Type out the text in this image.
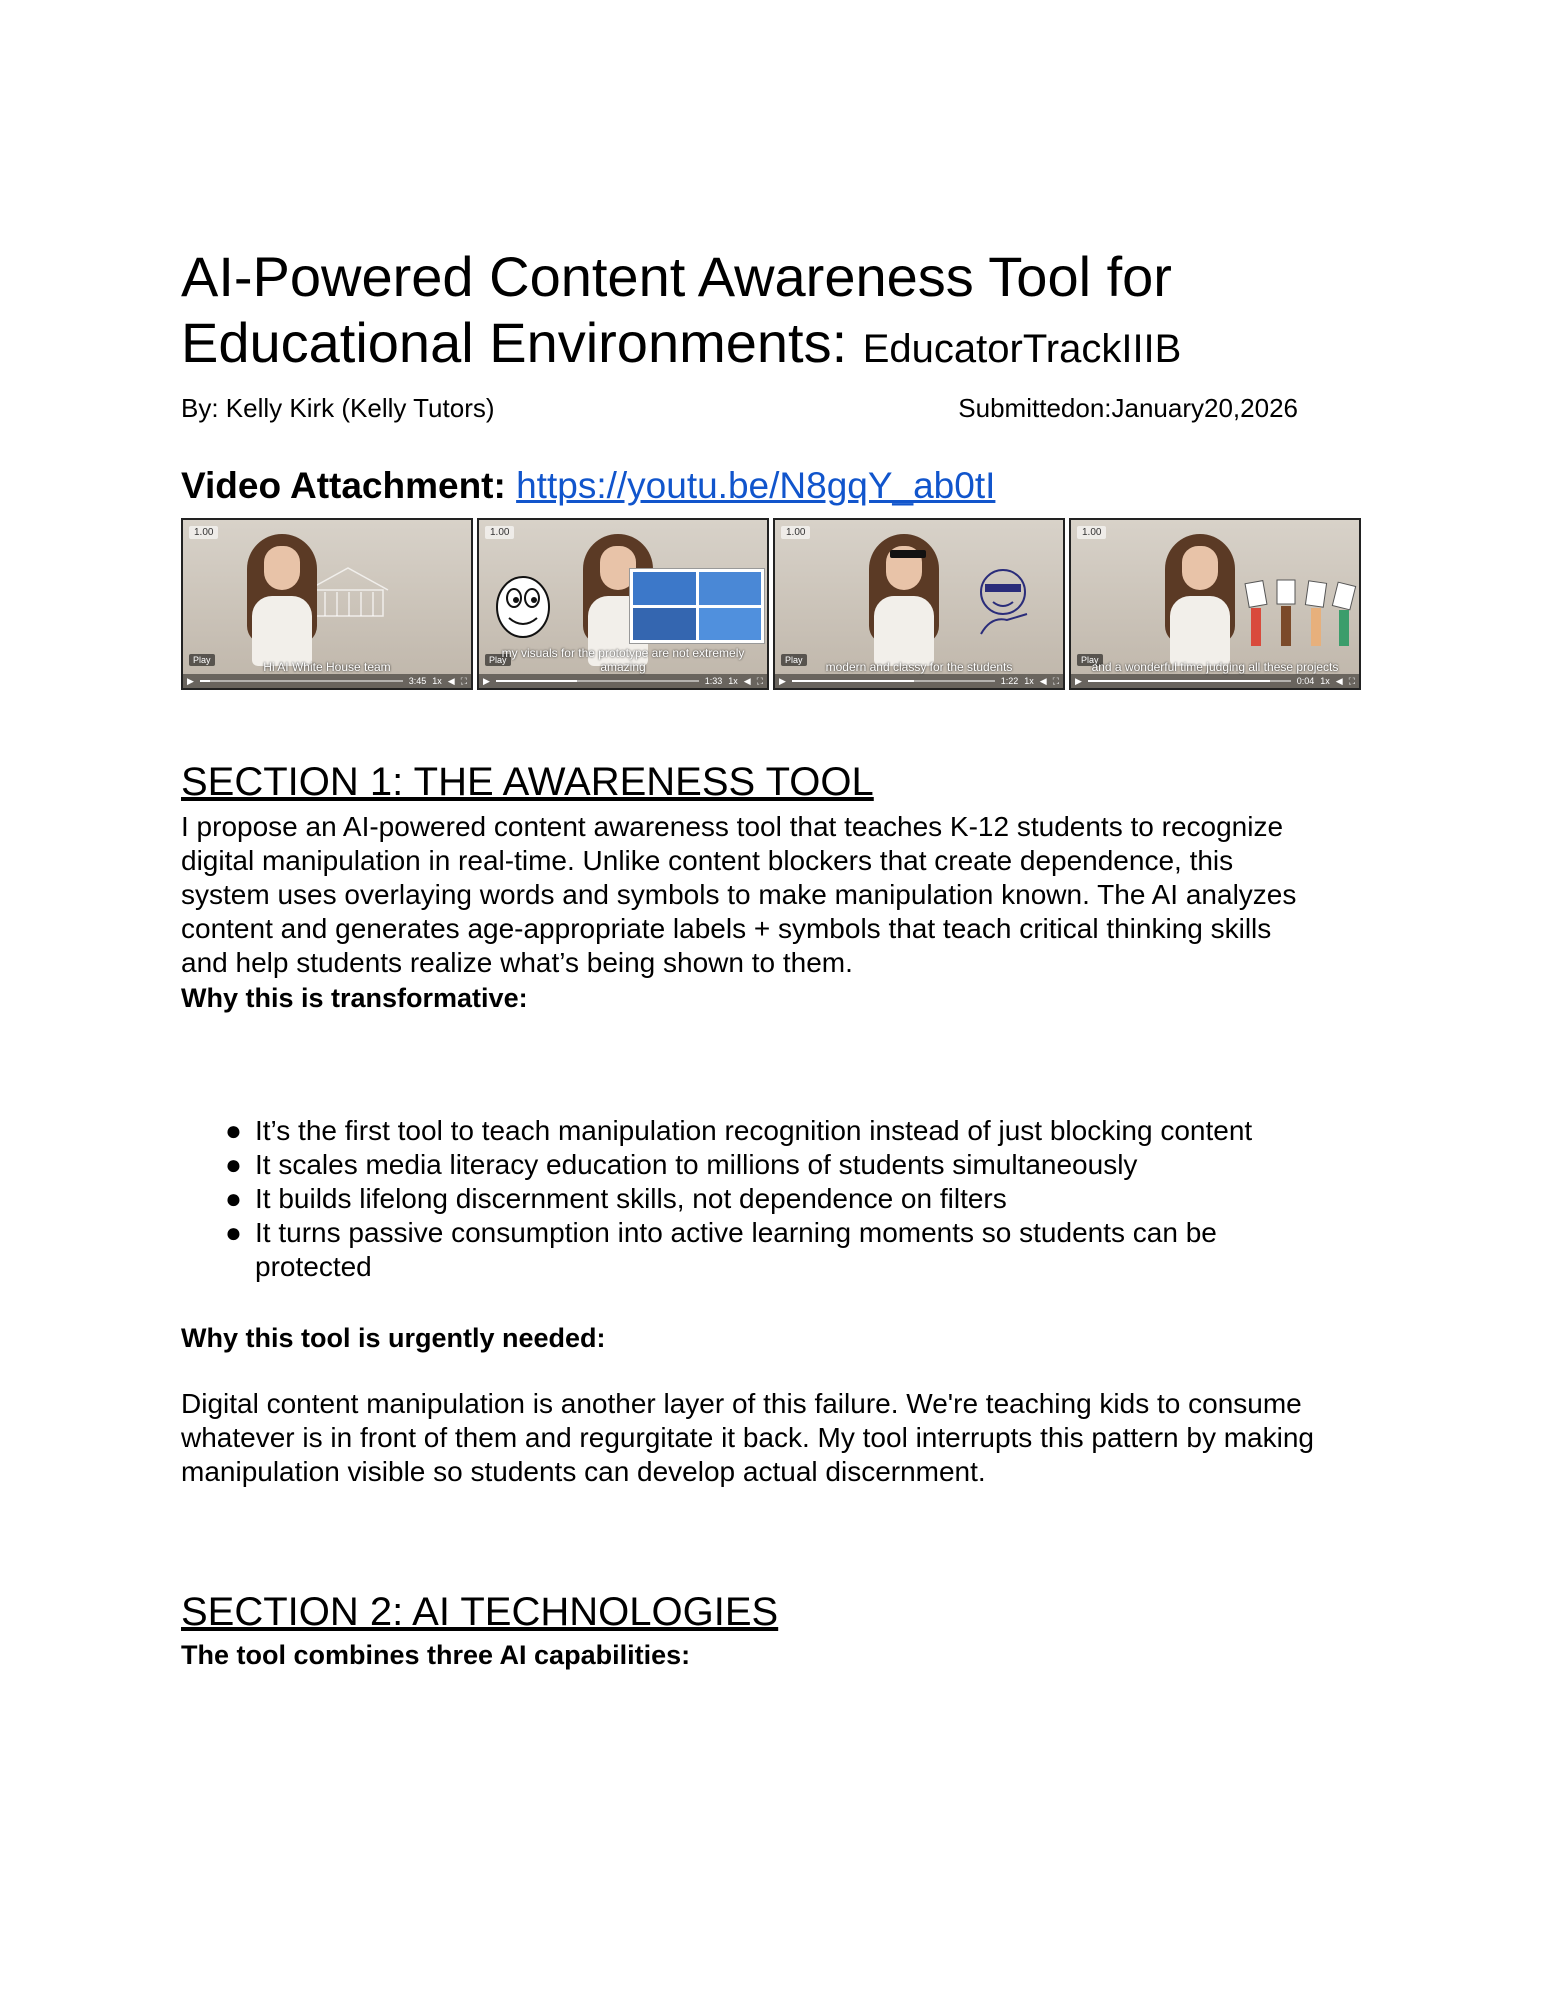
AI-Powered Content Awareness Tool for Educational Environments: EducatorTrackIIIB
By: Kelly Kirk (Kelly Tutors)	Submittedon:January20,2026
Video Attachment: https://youtu.be/N8gqY_ab0tI
1.00
Play	Hi AI White House team
▶	3:45 1x ◀ ⛶
1.00
Play
my visuals for the prototype are not extremely amazing
▶	1:33 1x ◀ ⛶
1.00
Play	modern and classy for the students
▶	1:22 1x ◀ ⛶
1.00
Play
and a wonderful time judging all these projects
▶	0:04 1x ◀ ⛶
SECTION 1: THE AWARENESS TOOL

I propose an AI-powered content awareness tool that teaches K-12 students to recognize digital manipulation in real-time. Unlike content blockers that create dependence, this system uses overlaying words and symbols to make manipulation known. The AI analyzes content and generates age-appropriate labels + symbols that teach critical thinking skills and help students realize what’s being shown to them.

Why this is transformative:

● It’s the first tool to teach manipulation recognition instead of just blocking content
● It scales media literacy education to millions of students simultaneously
● It builds lifelong discernment skills, not dependence on filters
● It turns passive consumption into active learning moments so students can be protected

Why this tool is urgently needed:

Digital content manipulation is another layer of this failure. We're teaching kids to consume whatever is in front of them and regurgitate it back. My tool interrupts this pattern by making manipulation visible so students can develop actual discernment.

SECTION 2: AI TECHNOLOGIES

The tool combines three AI capabilities:
